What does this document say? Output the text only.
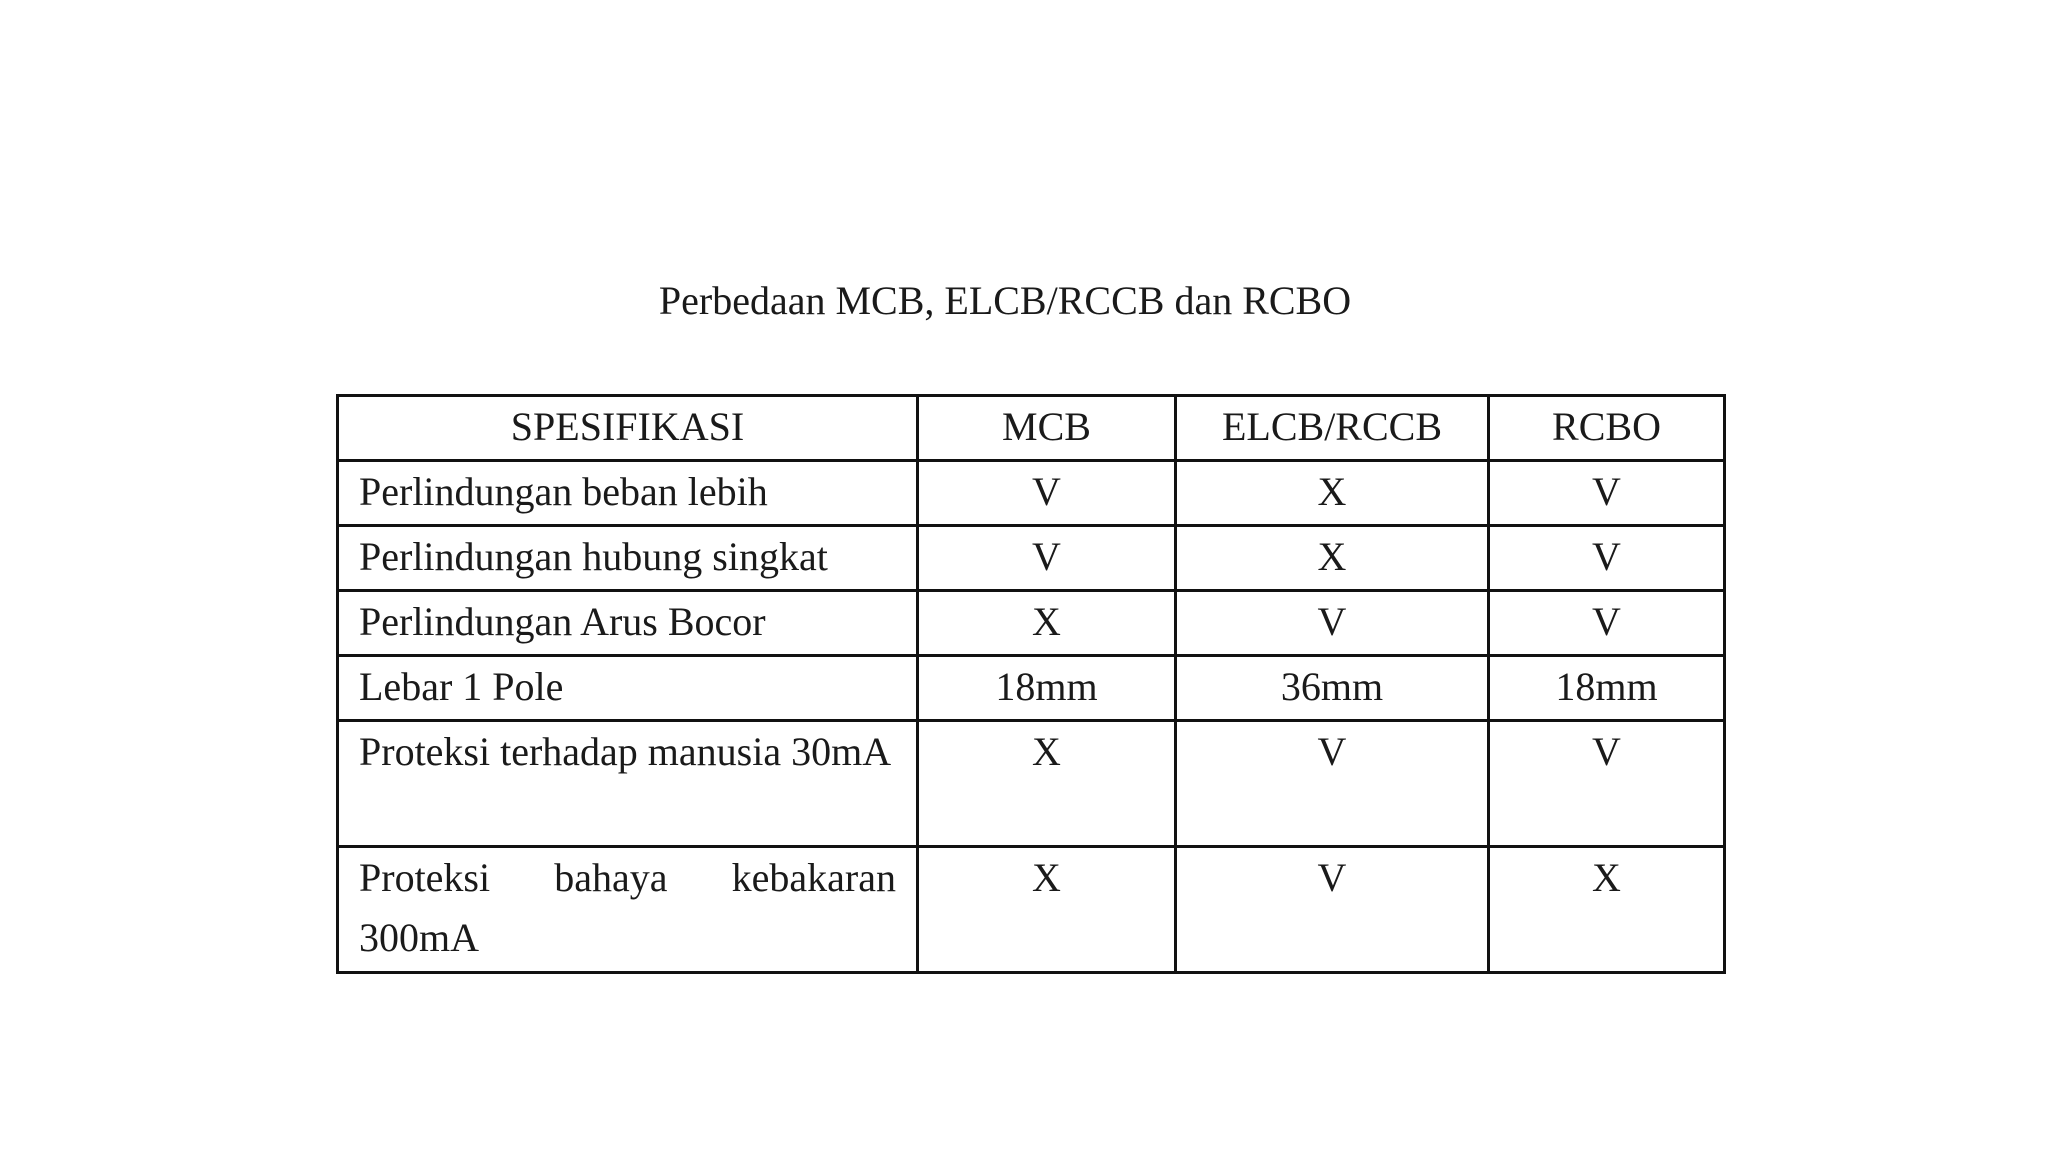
Perbedaan MCB, ELCB/RCCB dan RCBO
SPESIFIKASI	MCB	ELCB/RCCB	RCBO
Perlindungan beban lebih	V	X	V
Perlindungan hubung singkat	V	X	V
Perlindungan Arus Bocor	X	V	V
Lebar 1 Pole	18mm	36mm	18mm
Proteksi terhadap manusia 30mA	X	V	V
Proteksi bahaya kebakaran 300mA	X	V	X
